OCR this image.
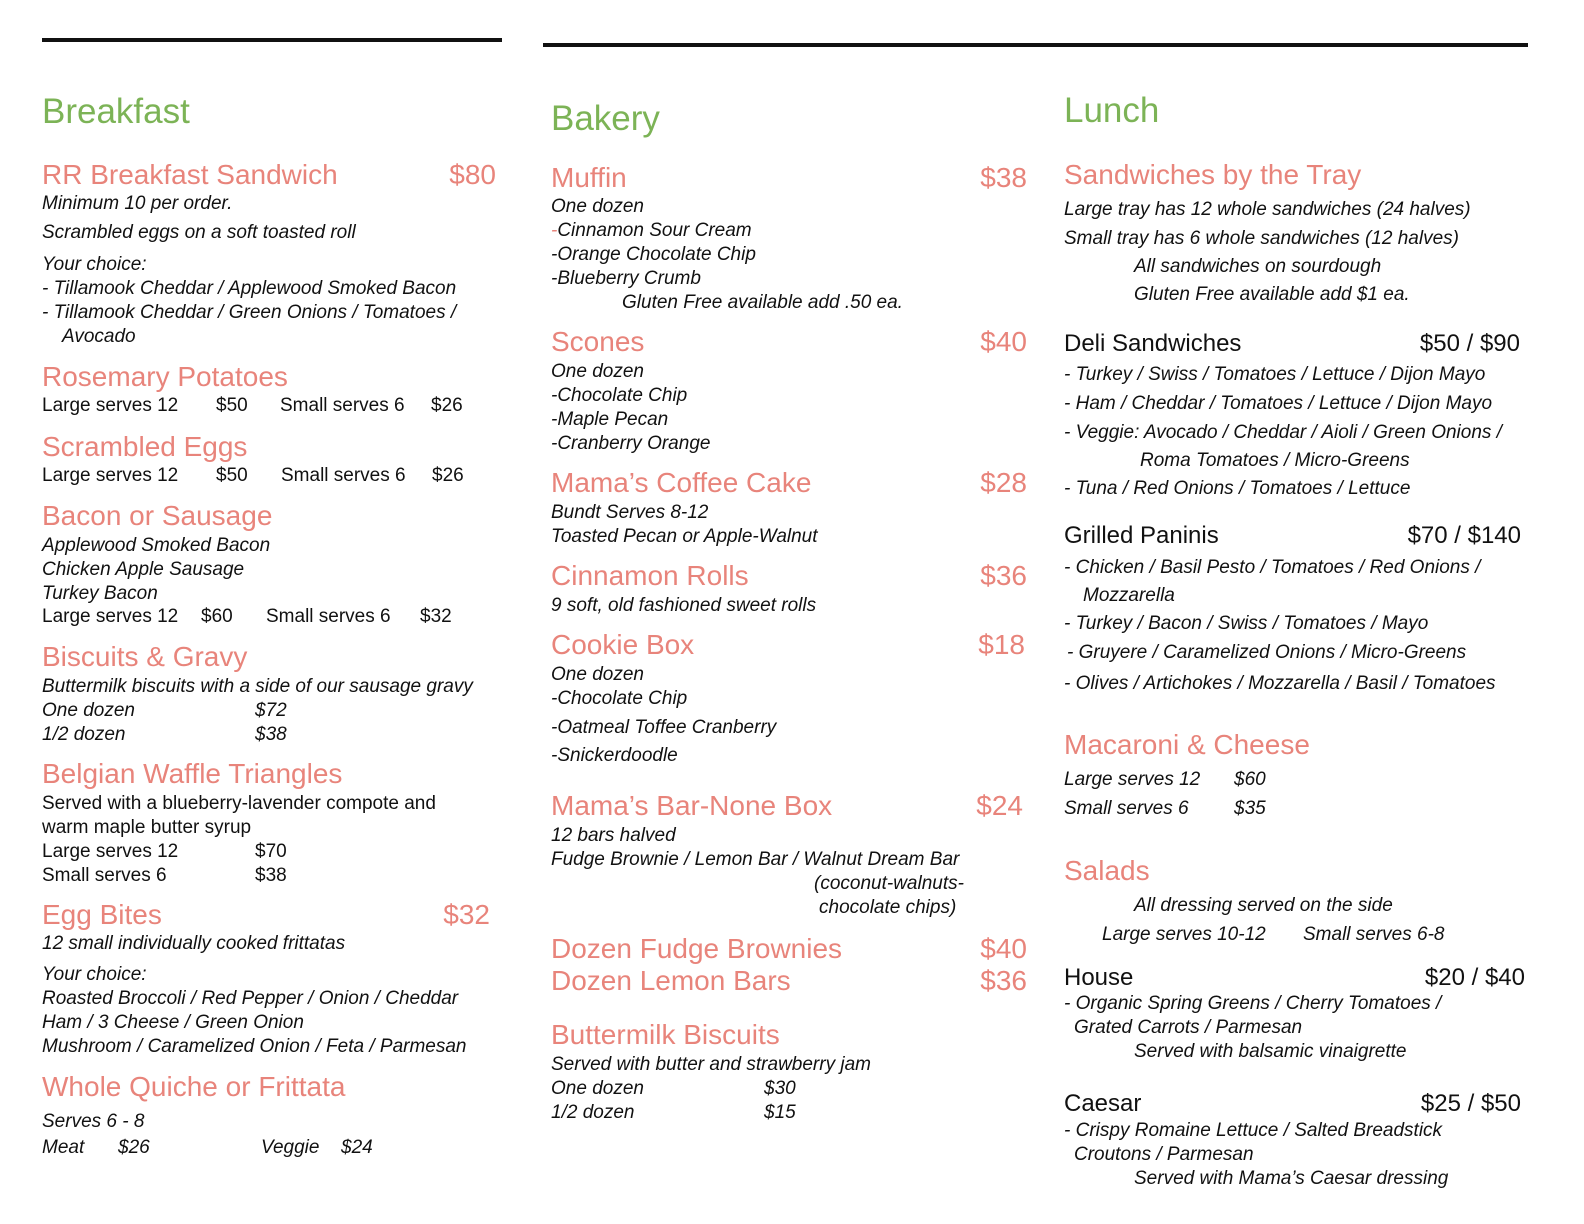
Breakfast
RR Breakfast Sandwich	$80
Minimum 10 per order.
Scrambled eggs on a soft toasted roll
Your choice:
- Tillamook Cheddar / Applewood Smoked Bacon
- Tillamook Cheddar / Green Onions / Tomatoes /
Avocado
Rosemary Potatoes
Large serves 12 $50 Small serves 6 $26
Scrambled Eggs
Large serves 12 $50 Small serves 6 $26
Bacon or Sausage
Applewood Smoked Bacon
Chicken Apple Sausage
Turkey Bacon
Large serves 12 $60 Small serves 6 $32
Biscuits & Gravy
Buttermilk biscuits with a side of our sausage gravy
One dozen	$72
1/2 dozen	$38
Belgian Waffle Triangles
Served with a blueberry-lavender compote and
warm maple butter syrup
Large serves 12	$70
Small serves 6	$38
Egg Bites	$32
12 small individually cooked frittatas
Your choice:
Roasted Broccoli / Red Pepper / Onion / Cheddar
Ham / 3 Cheese / Green Onion
Mushroom / Caramelized Onion / Feta / Parmesan
Whole Quiche or Frittata
Serves 6 - 8
Meat $26	Veggie $24
Bakery
Muffin	$38
One dozen
-Cinnamon Sour Cream
-Orange Chocolate Chip
-Blueberry Crumb
Gluten Free available add .50 ea.
Scones	$40
One dozen
-Chocolate Chip
-Maple Pecan
-Cranberry Orange
Mama’s Coffee Cake	$28
Bundt Serves 8-12
Toasted Pecan or Apple-Walnut
Cinnamon Rolls	$36
9 soft, old fashioned sweet rolls
Cookie Box	$18
One dozen
-Chocolate Chip
-Oatmeal Toffee Cranberry
-Snickerdoodle
Mama’s Bar-None Box	$24
12 bars halved
Fudge Brownie / Lemon Bar / Walnut Dream Bar
(coconut-walnuts-
chocolate chips)
Dozen Fudge Brownies	$40
Dozen Lemon Bars	$36
Buttermilk Biscuits
Served with butter and strawberry jam
One dozen	$30
1/2 dozen	$15
Lunch
Sandwiches by the Tray
Large tray has 12 whole sandwiches (24 halves)
Small tray has 6 whole sandwiches (12 halves)
All sandwiches on sourdough
Gluten Free available add $1 ea.
Deli Sandwiches	$50 / $90
- Turkey / Swiss / Tomatoes / Lettuce / Dijon Mayo
- Ham / Cheddar / Tomatoes / Lettuce / Dijon Mayo
- Veggie: Avocado / Cheddar / Aioli / Green Onions /
Roma Tomatoes / Micro-Greens
- Tuna / Red Onions / Tomatoes / Lettuce
Grilled Paninis	$70 / $140
- Chicken / Basil Pesto / Tomatoes / Red Onions /
Mozzarella
- Turkey / Bacon / Swiss / Tomatoes / Mayo
- Gruyere / Caramelized Onions / Micro-Greens
- Olives / Artichokes / Mozzarella / Basil / Tomatoes
Macaroni & Cheese
Large serves 12 $60
Small serves 6 $35
Salads
All dressing served on the side
Large serves 10-12 Small serves 6-8
House	$20 / $40
- Organic Spring Greens / Cherry Tomatoes /
Grated Carrots / Parmesan
Served with balsamic vinaigrette
Caesar	$25 / $50
- Crispy Romaine Lettuce / Salted Breadstick
Croutons / Parmesan
Served with Mama’s Caesar dressing
